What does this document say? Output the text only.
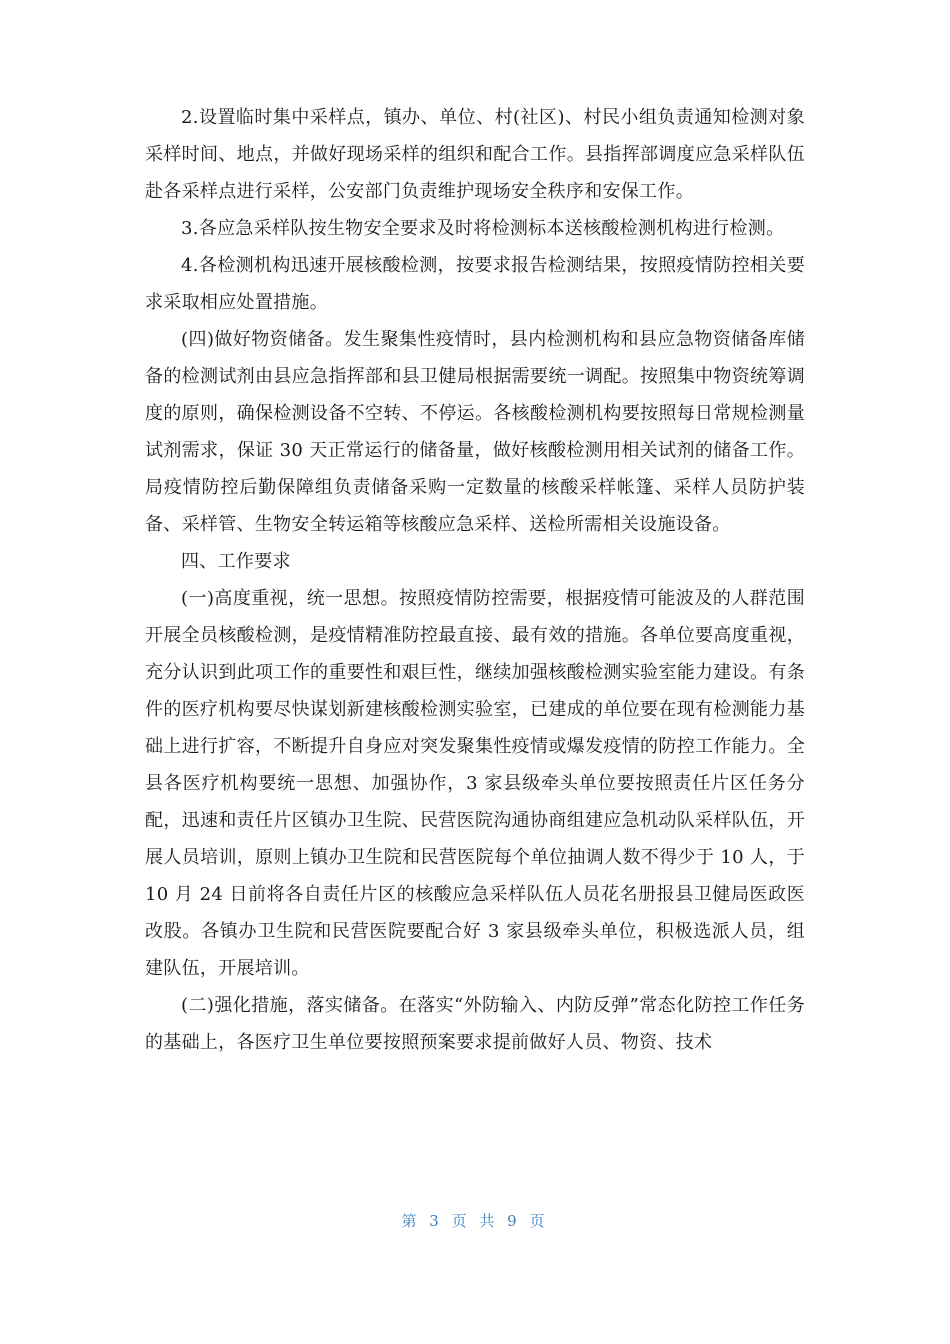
2.设置临时集中采样点，镇办、单位、村(社区)、村民小组负责通知检测对象采样时间、地点，并做好现场采样的组织和配合工作。县指挥部调度应急采样队伍赴各采样点进行采样，公安部门负责维护现场安全秩序和安保工作。

3.各应急采样队按生物安全要求及时将检测标本送核酸检测机构进行检测。

4.各检测机构迅速开展核酸检测，按要求报告检测结果，按照疫情防控相关要求采取相应处置措施。

(四)做好物资储备。发生聚集性疫情时，县内检测机构和县应急物资储备库储备的检测试剂由县应急指挥部和县卫健局根据需要统一调配。按照集中物资统筹调度的原则，确保检测设备不空转、不停运。各核酸检测机构要按照每日常规检测量试剂需求，保证 30 天正常运行的储备量，做好核酸检测用相关试剂的储备工作。局疫情防控后勤保障组负责储备采购一定数量的核酸采样帐篷、采样人员防护装备、采样管、生物安全转运箱等核酸应急采样、送检所需相关设施设备。

四、工作要求

(一)高度重视，统一思想。按照疫情防控需要，根据疫情可能波及的人群范围开展全员核酸检测，是疫情精准防控最直接、最有效的措施。各单位要高度重视，充分认识到此项工作的重要性和艰巨性，继续加强核酸检测实验室能力建设。有条件的医疗机构要尽快谋划新建核酸检测实验室，已建成的单位要在现有检测能力基础上进行扩容，不断提升自身应对突发聚集性疫情或爆发疫情的防控工作能力。全县各医疗机构要统一思想、加强协作，3 家县级牵头单位要按照责任片区任务分配，迅速和责任片区镇办卫生院、民营医院沟通协商组建应急机动队采样队伍，开展人员培训，原则上镇办卫生院和民营医院每个单位抽调人数不得少于 10 人，于 10 月 24 日前将各自责任片区的核酸应急采样队伍人员花名册报县卫健局医政医改股。各镇办卫生院和民营医院要配合好 3 家县级牵头单位，积极选派人员，组建队伍，开展培训。

(二)强化措施，落实储备。在落实“外防输入、内防反弹”常态化防控工作任务的基础上，各医疗卫生单位要按照预案要求提前做好人员、物资、技术

第 3 页 共 9 页
